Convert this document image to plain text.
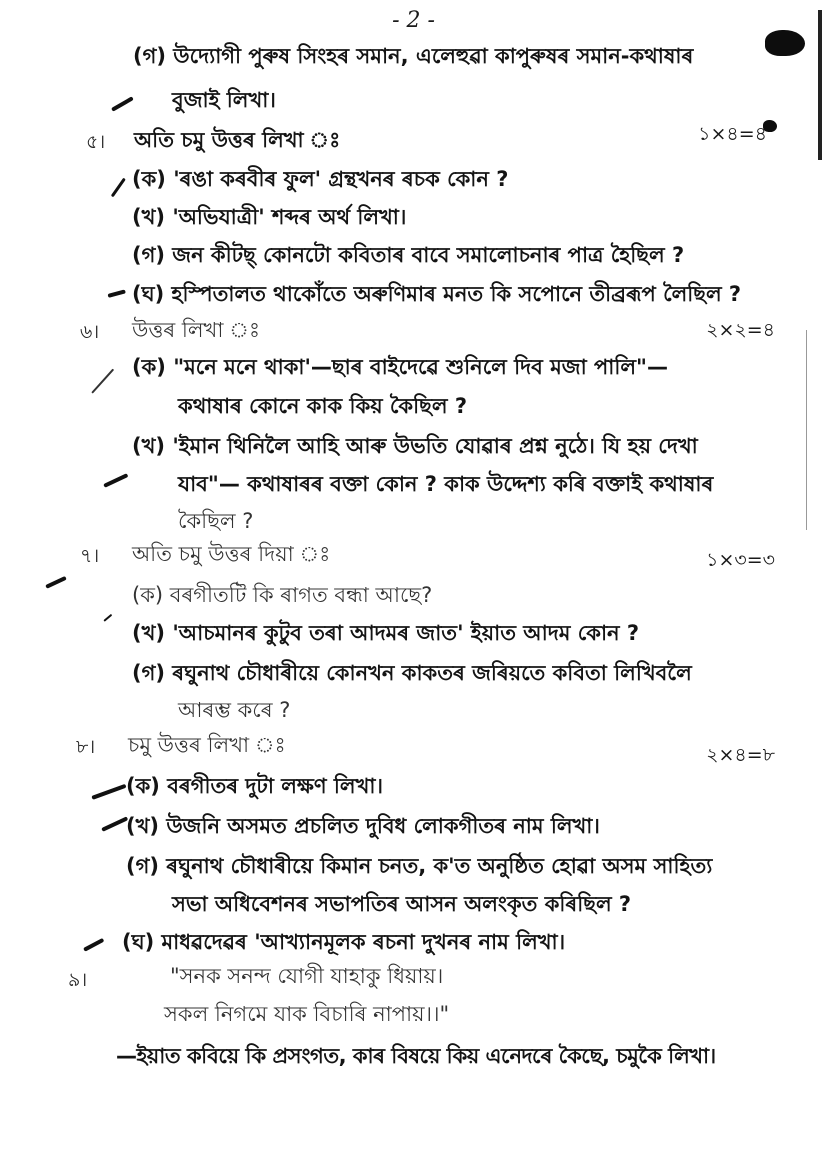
- 2 -
(গ) উদ্যোগী পুৰুষ সিংহৰ সমান, এলেহুৱা কাপুৰুষৰ সমান-কথাষাৰ
বুজাই লিখা।
৫। অতি চমু উত্তৰ লিখা ঃ	১×৪=৪
(ক) 'ৰঙা কৰবীৰ ফুল' গ্ৰন্থখনৰ ৰচক কোন ?
(খ) 'অভিযাত্ৰী' শব্দৰ অৰ্থ লিখা।
(গ) জন কীটছ্ কোনটো কবিতাৰ বাবে সমালোচনাৰ পাত্ৰ হৈছিল ?
(ঘ) হস্পিতালত থাকোঁতে অৰুণিমাৰ মনত কি সপোনে তীব্ৰৰূপ লৈছিল ?
৬। উত্তৰ লিখা ঃ	২×২=৪
(ক) "মনে মনে থাকা'—ছাৰ বাইদেৱে শুনিলে দিব মজা পালি"—
কথাষাৰ কোনে কাক কিয় কৈছিল ?
(খ) 'ইমান থিনিলৈ আহি আৰু উভতি যোৱাৰ প্ৰশ্ন নুঠে। যি হয় দেখা
যাব"— কথাষাৰৰ বক্তা কোন ? কাক উদ্দেশ্য কৰি বক্তাই কথাষাৰ
কৈছিল ?
৭। অতি চমু উত্তৰ দিয়া ঃ	১×৩=৩
(ক) বৰগীতটি কি ৰাগত বন্ধা আছে?
(খ) 'আচমানৰ কুটুব তৰা আদমৰ জাত' ইয়াত আদম কোন ?
(গ) ৰঘুনাথ চৌধাৰীয়ে কোনখন কাকতৰ জৰিয়তে কবিতা লিখিবলৈ
আৰম্ভ কৰে ?
৮। চমু উত্তৰ লিখা ঃ	২×৪=৮
(ক) বৰগীতৰ দুটা লক্ষণ লিখা।
(খ) উজনি অসমত প্ৰচলিত দুবিধ লোকগীতৰ নাম লিখা।
(গ) ৰঘুনাথ চৌধাৰীয়ে কিমান চনত, ক'ত অনুষ্ঠিত হোৱা অসম সাহিত্য
সভা অধিবেশনৰ সভাপতিৰ আসন অলংকৃত কৰিছিল ?
(ঘ) মাধৱদেৱৰ 'আখ্যানমূলক ৰচনা দুখনৰ নাম লিখা।
৯।	"সনক সনন্দ যোগী যাহাকু ধিয়ায়।
সকল নিগমে যাক বিচাৰি নাপায়।।"
—ইয়াত কবিয়ে কি প্ৰসংগত, কাৰ বিষয়ে কিয় এনেদৰে কৈছে, চমুকৈ লিখা।
